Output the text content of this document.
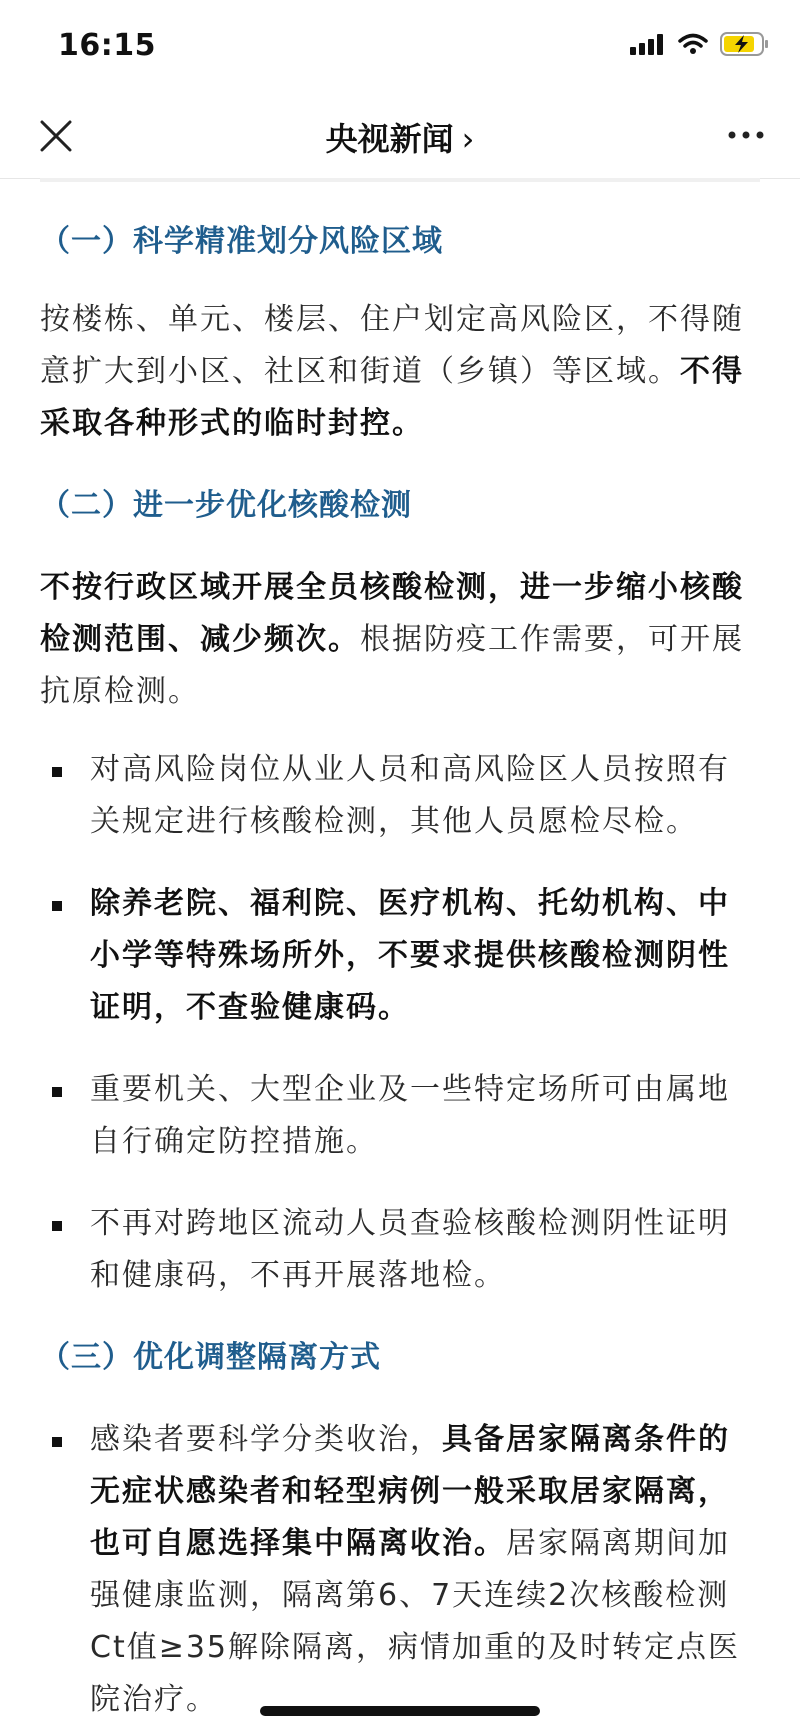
16:15
央视新闻 ›
（一）科学精准划分风险区域

按楼栋、单元、楼层、住户划定高风险区，不得随意扩大到小区、社区和街道（乡镇）等区域。不得采取各种形式的临时封控。

（二）进一步优化核酸检测

不按行政区域开展全员核酸检测，进一步缩小核酸检测范围、减少频次。根据防疫工作需要，可开展抗原检测。

对高风险岗位从业人员和高风险区人员按照有关规定进行核酸检测，其他人员愿检尽检。
除养老院、福利院、医疗机构、托幼机构、中小学等特殊场所外，不要求提供核酸检测阴性证明，不查验健康码。
重要机关、大型企业及一些特定场所可由属地自行确定防控措施。
不再对跨地区流动人员查验核酸检测阴性证明和健康码，不再开展落地检。
（三）优化调整隔离方式
感染者要科学分类收治，具备居家隔离条件的无症状感染者和轻型病例一般采取居家隔离，也可自愿选择集中隔离收治。居家隔离期间加强健康监测，隔离第6、7天连续2次核酸检测Ct值≥35解除隔离，病情加重的及时转定点医院治疗。
